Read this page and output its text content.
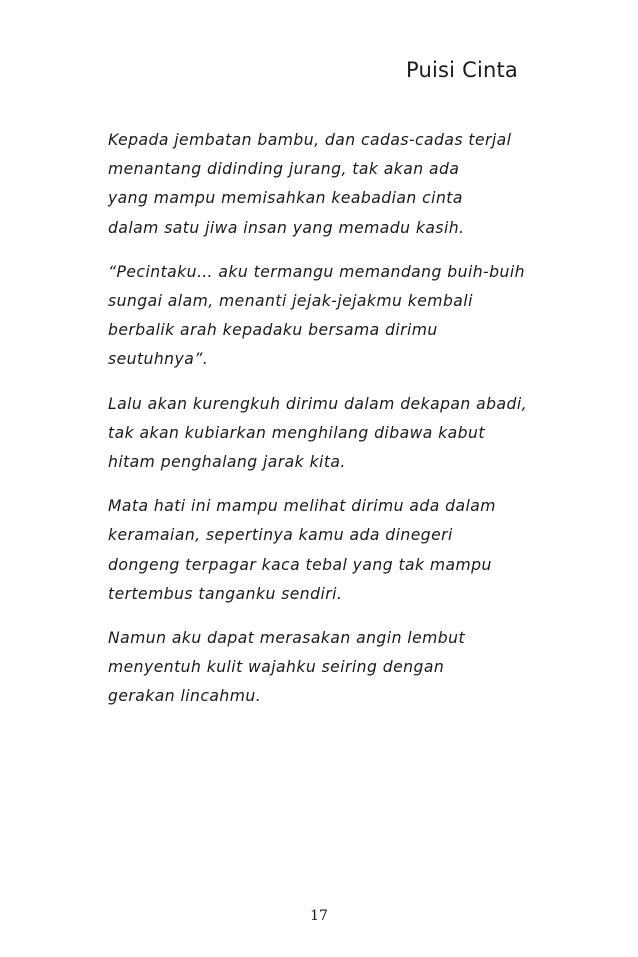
Puisi Cinta

Kepada jembatan bambu, dan cadas-cadas terjal
menantang didinding jurang, tak akan ada
yang mampu memisahkan keabadian cinta
dalam satu jiwa insan yang memadu kasih.

“Pecintaku… aku termangu memandang buih-buih
sungai alam, menanti jejak-jejakmu kembali
berbalik arah kepadaku bersama dirimu
seutuhnya”.

Lalu akan kurengkuh dirimu dalam dekapan abadi,
tak akan kubiarkan menghilang dibawa kabut
hitam penghalang jarak kita.

Mata hati ini mampu melihat dirimu ada dalam
keramaian, sepertinya kamu ada dinegeri
dongeng terpagar kaca tebal yang tak mampu
tertembus tanganku sendiri.

Namun aku dapat merasakan angin lembut
menyentuh kulit wajahku seiring dengan
gerakan lincahmu.

17
